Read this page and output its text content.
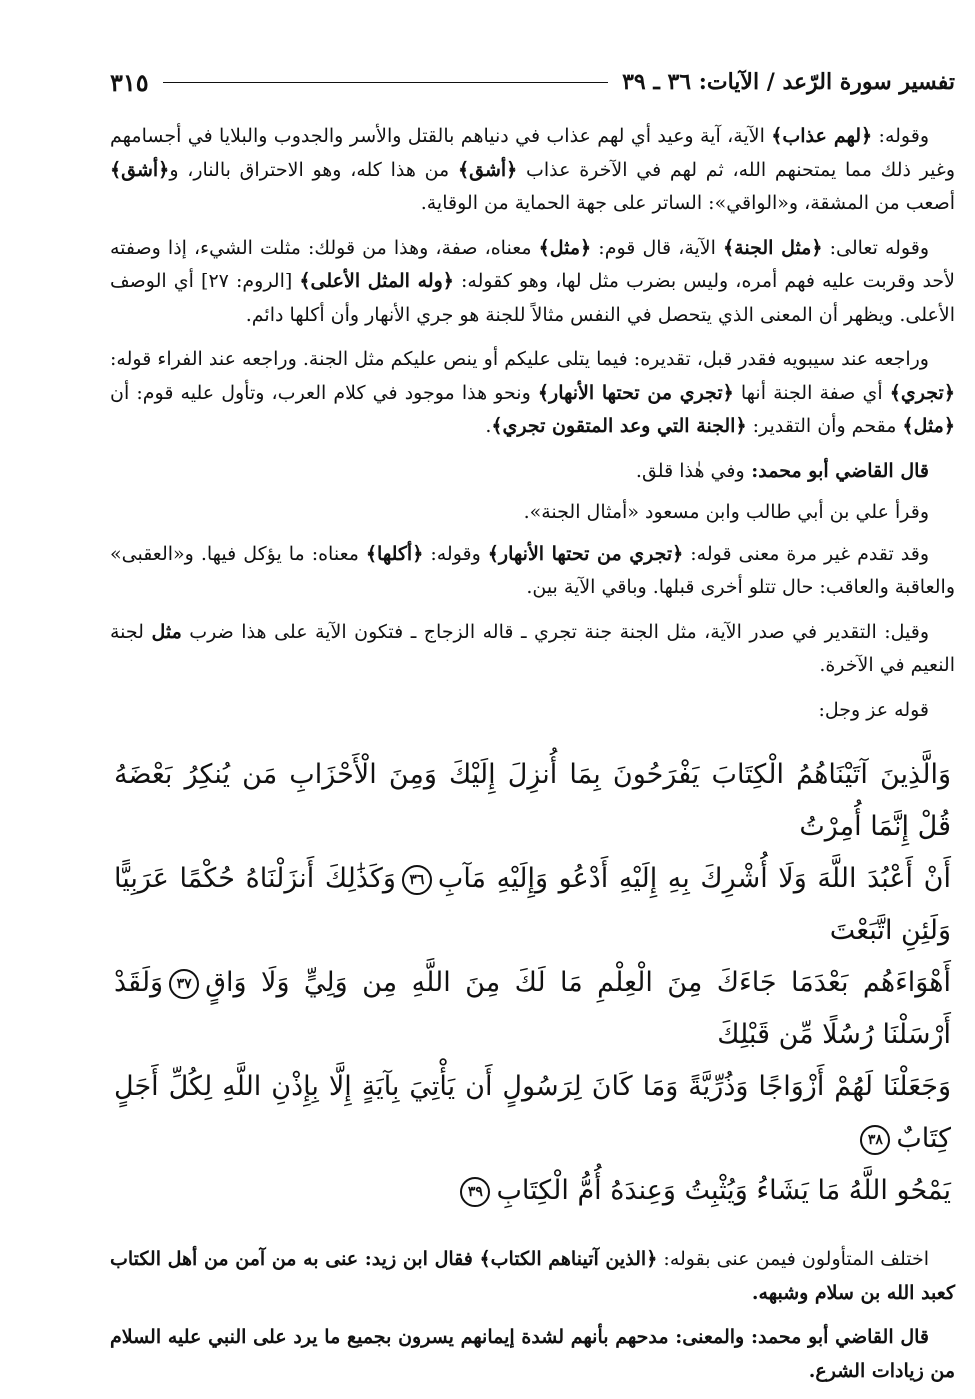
تفسير سورة الرّعد / الآيات: ٣٦ ـ ٣٩
٣١٥

وقوله: ﴿لهم عذاب﴾ الآية، آية وعيد أي لهم عذاب في دنياهم بالقتل والأسر والجدوب والبلايا في أجسامهم وغير ذلك مما يمتحنهم الله، ثم لهم في الآخرة عذاب ﴿أشق﴾ من هذا كله، وهو الاحتراق بالنار، و﴿أشق﴾ أصعب من المشقة، و«الواقي»: الساتر على جهة الحماية من الوقاية.

وقوله تعالى: ﴿مثل الجنة﴾ الآية، قال قوم: ﴿مثل﴾ معناه، صفة، وهذا من قولك: مثلت الشيء، إذا وصفته لأحد وقربت عليه فهم أمره، وليس بضرب مثل لها، وهو كقوله: ﴿وله المثل الأعلى﴾ [الروم: ٢٧] أي الوصف الأعلى. ويظهر أن المعنى الذي يتحصل في النفس مثالاً للجنة هو جري الأنهار وأن أكلها دائم.

وراجعه عند سيبويه فقدر قبل، تقديره: فيما يتلى عليكم أو ينص عليكم مثل الجنة. وراجعه عند الفراء قوله: ﴿تجري﴾ أي صفة الجنة أنها ﴿تجري من تحتها الأنهار﴾ ونحو هذا موجود في كلام العرب، وتأول عليه قوم: أن ﴿مثل﴾ مقحم وأن التقدير: ﴿الجنة التي وعد المتقون تجري﴾.

قال القاضي أبو محمد: وفي هٰذا قلق.

وقرأ علي بن أبي طالب وابن مسعود «أمثال الجنة».

وقد تقدم غير مرة معنى قوله: ﴿تجري من تحتها الأنهار﴾ وقوله: ﴿أكلها﴾ معناه: ما يؤكل فيها. و«العقبى» والعاقبة والعاقب: حال تتلو أخرى قبلها. وباقي الآية بين.

وقيل: التقدير في صدر الآية، مثل الجنة جنة تجري ـ قاله الزجاج ـ فتكون الآية على هذا ضرب مثل لجنة النعيم في الآخرة.

قوله عز وجل:

وَالَّذِينَ آتَيْنَاهُمُ الْكِتَابَ يَفْرَحُونَ بِمَا أُنزِلَ إِلَيْكَ وَمِنَ الْأَحْزَابِ مَن يُنكِرُ بَعْضَهُ قُلْ إِنَّمَا أُمِرْتُ
أَنْ أَعْبُدَ اللَّهَ وَلَا أُشْرِكَ بِهِ إِلَيْهِ أَدْعُو وَإِلَيْهِ مَآبِ٣٦وَكَذَٰلِكَ أَنزَلْنَاهُ حُكْمًا عَرَبِيًّا وَلَئِنِ اتَّبَعْتَ
أَهْوَاءَهُم بَعْدَمَا جَاءَكَ مِنَ الْعِلْمِ مَا لَكَ مِنَ اللَّهِ مِن وَلِيٍّ وَلَا وَاقٍ٣٧وَلَقَدْ أَرْسَلْنَا رُسُلًا مِّن قَبْلِكَ
وَجَعَلْنَا لَهُمْ أَزْوَاجًا وَذُرِّيَّةً وَمَا كَانَ لِرَسُولٍ أَن يَأْتِيَ بِآيَةٍ إِلَّا بِإِذْنِ اللَّهِ لِكُلِّ أَجَلٍ كِتَابٌ٣٨
يَمْحُو اللَّهُ مَا يَشَاءُ وَيُثْبِتُ وَعِندَهُ أُمُّ الْكِتَابِ٣٩

اختلف المتأولون فيمن عنى بقوله: ﴿الذين آتيناهم الكتاب﴾ فقال ابن زيد: عنى به من آمن من أهل الكتاب كعبد الله بن سلام وشبهه.

قال القاضي أبو محمد: والمعنى: مدحهم بأنهم لشدة إيمانهم يسرون بجميع ما يرد على النبي عليه السلام من زيادات الشرع.
